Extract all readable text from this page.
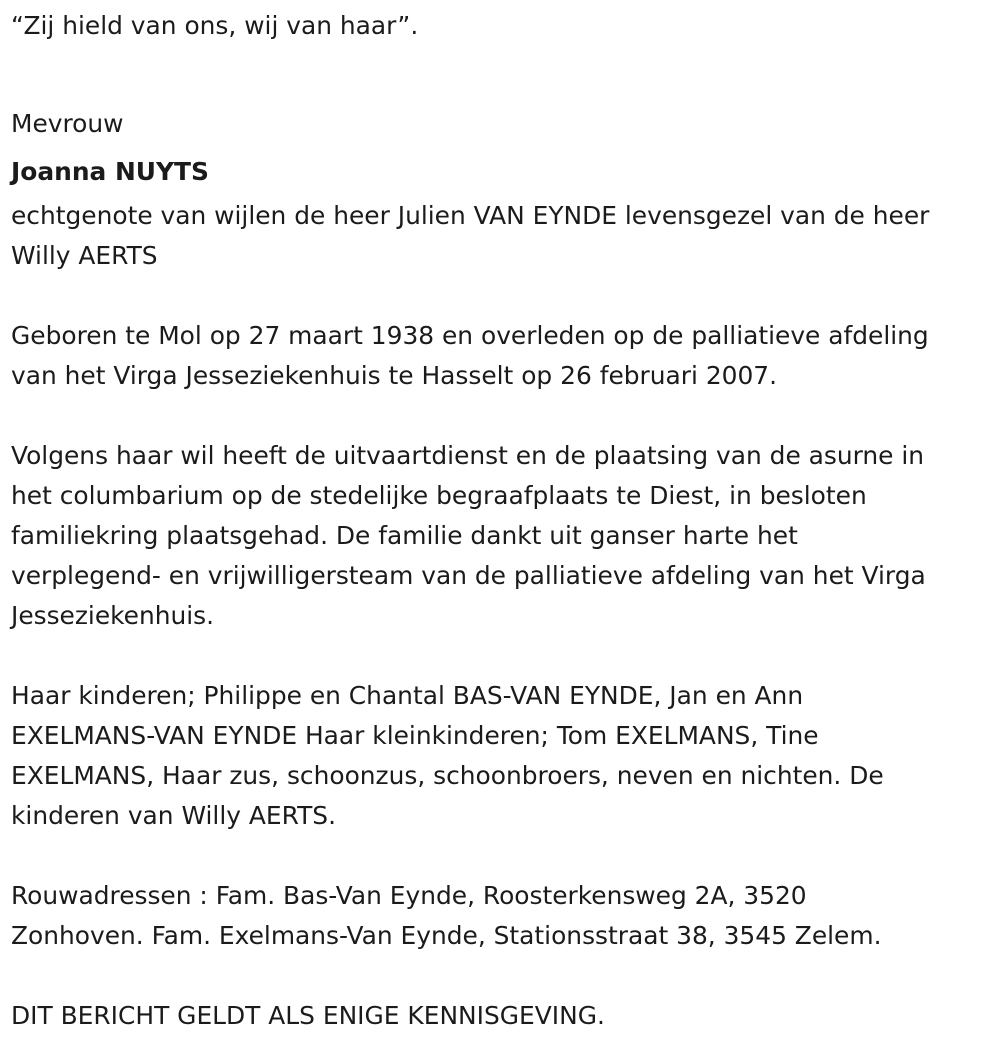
“Zij hield van ons, wij van haar”.
Mevrouw
Joanna NUYTS
echtgenote van wijlen de heer Julien VAN EYNDE levensgezel van de heer
Willy AERTS
Geboren te Mol op 27 maart 1938 en overleden op de palliatieve afdeling
van het Virga Jesseziekenhuis te Hasselt op 26 februari 2007.
Volgens haar wil heeft de uitvaartdienst en de plaatsing van de asurne in
het columbarium op de stedelijke begraafplaats te Diest, in besloten
familiekring plaatsgehad. De familie dankt uit ganser harte het
verplegend- en vrijwilligersteam van de palliatieve afdeling van het Virga
Jesseziekenhuis.
Haar kinderen; Philippe en Chantal BAS-VAN EYNDE, Jan en Ann
EXELMANS-VAN EYNDE Haar kleinkinderen; Tom EXELMANS, Tine
EXELMANS, Haar zus, schoonzus, schoonbroers, neven en nichten. De
kinderen van Willy AERTS.
Rouwadressen : Fam. Bas-Van Eynde, Roosterkensweg 2A, 3520
Zonhoven. Fam. Exelmans-Van Eynde, Stationsstraat 38, 3545 Zelem.
DIT BERICHT GELDT ALS ENIGE KENNISGEVING.
